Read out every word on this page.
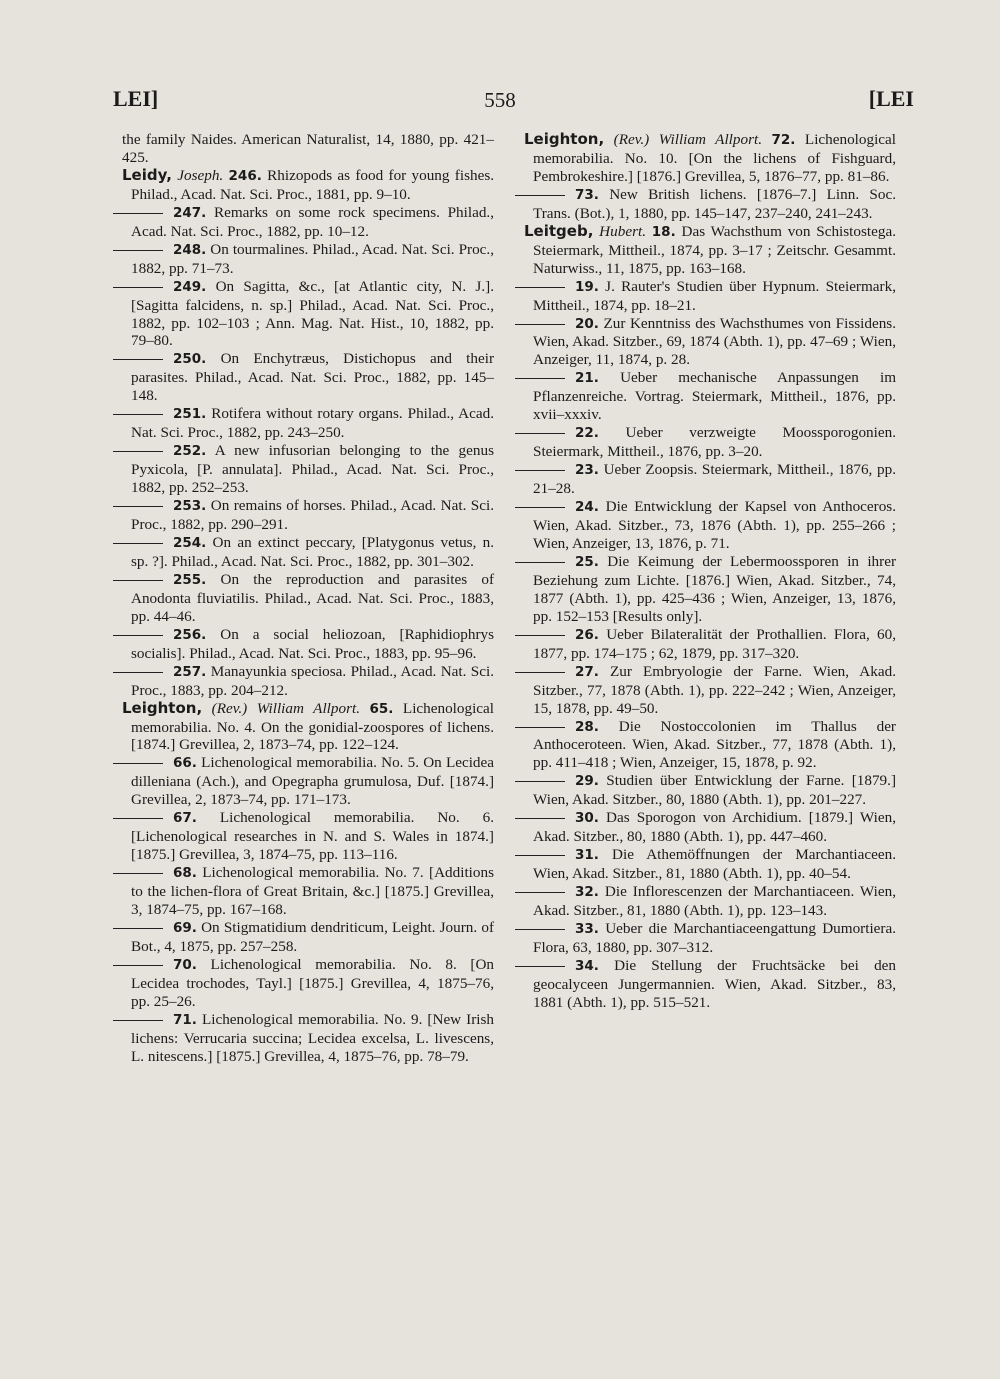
LEI]	558	[LEI

the family Naides. American Naturalist, 14, 1880, pp. 421–425.

Leidy, Joseph. 246. Rhizopods as food for young fishes. Philad., Acad. Nat. Sci. Proc., 1881, pp. 9–10.

247. Remarks on some rock specimens. Philad., Acad. Nat. Sci. Proc., 1882, pp. 10–12.

248. On tourmalines. Philad., Acad. Nat. Sci. Proc., 1882, pp. 71–73.

249. On Sagitta, &c., [at Atlantic city, N. J.]. [Sagitta falcidens, n. sp.] Philad., Acad. Nat. Sci. Proc., 1882, pp. 102–103 ; Ann. Mag. Nat. Hist., 10, 1882, pp. 79–80.

250. On Enchytræus, Distichopus and their parasites. Philad., Acad. Nat. Sci. Proc., 1882, pp. 145–148.

251. Rotifera without rotary organs. Philad., Acad. Nat. Sci. Proc., 1882, pp. 243–250.

252. A new infusorian belonging to the genus Pyxicola, [P. annulata]. Philad., Acad. Nat. Sci. Proc., 1882, pp. 252–253.

253. On remains of horses. Philad., Acad. Nat. Sci. Proc., 1882, pp. 290–291.

254. On an extinct peccary, [Platygonus vetus, n. sp. ?]. Philad., Acad. Nat. Sci. Proc., 1882, pp. 301–302.

255. On the reproduction and parasites of Anodonta fluviatilis. Philad., Acad. Nat. Sci. Proc., 1883, pp. 44–46.

256. On a social heliozoan, [Raphidiophrys socialis]. Philad., Acad. Nat. Sci. Proc., 1883, pp. 95–96.

257. Manayunkia speciosa. Philad., Acad. Nat. Sci. Proc., 1883, pp. 204–212.

Leighton, (Rev.) William Allport. 65. Lichenological memorabilia. No. 4. On the gonidial-zoospores of lichens. [1874.] Grevillea, 2, 1873–74, pp. 122–124.

66. Lichenological memorabilia. No. 5. On Lecidea dilleniana (Ach.), and Opegrapha grumulosa, Duf. [1874.] Grevillea, 2, 1873–74, pp. 171–173.

67. Lichenological memorabilia. No. 6. [Lichenological researches in N. and S. Wales in 1874.] [1875.] Grevillea, 3, 1874–75, pp. 113–116.

68. Lichenological memorabilia. No. 7. [Additions to the lichen-flora of Great Britain, &c.] [1875.] Grevillea, 3, 1874–75, pp. 167–168.

69. On Stigmatidium dendriticum, Leight. Journ. of Bot., 4, 1875, pp. 257–258.

70. Lichenological memorabilia. No. 8. [On Lecidea trochodes, Tayl.] [1875.] Grevillea, 4, 1875–76, pp. 25–26.

71. Lichenological memorabilia. No. 9. [New Irish lichens: Verrucaria succina; Lecidea excelsa, L. livescens, L. nitescens.] [1875.] Grevillea, 4, 1875–76, pp. 78–79.

Leighton, (Rev.) William Allport. 72. Lichenological memorabilia. No. 10. [On the lichens of Fishguard, Pembrokeshire.] [1876.] Grevillea, 5, 1876–77, pp. 81–86.

73. New British lichens. [1876–7.] Linn. Soc. Trans. (Bot.), 1, 1880, pp. 145–147, 237–240, 241–243.

Leitgeb, Hubert. 18. Das Wachsthum von Schistostega. Steiermark, Mittheil., 1874, pp. 3–17 ; Zeitschr. Gesammt. Naturwiss., 11, 1875, pp. 163–168.

19. J. Rauter's Studien über Hypnum. Steiermark, Mittheil., 1874, pp. 18–21.

20. Zur Kenntniss des Wachsthumes von Fissidens. Wien, Akad. Sitzber., 69, 1874 (Abth. 1), pp. 47–69 ; Wien, Anzeiger, 11, 1874, p. 28.

21. Ueber mechanische Anpassungen im Pflanzenreiche. Vortrag. Steiermark, Mittheil., 1876, pp. xvii–xxxiv.

22. Ueber verzweigte Moossporogonien. Steiermark, Mittheil., 1876, pp. 3–20.

23. Ueber Zoopsis. Steiermark, Mittheil., 1876, pp. 21–28.

24. Die Entwicklung der Kapsel von Anthoceros. Wien, Akad. Sitzber., 73, 1876 (Abth. 1), pp. 255–266 ; Wien, Anzeiger, 13, 1876, p. 71.

25. Die Keimung der Lebermoossporen in ihrer Beziehung zum Lichte. [1876.] Wien, Akad. Sitzber., 74, 1877 (Abth. 1), pp. 425–436 ; Wien, Anzeiger, 13, 1876, pp. 152–153 [Results only].

26. Ueber Bilateralität der Prothallien. Flora, 60, 1877, pp. 174–175 ; 62, 1879, pp. 317–320.

27. Zur Embryologie der Farne. Wien, Akad. Sitzber., 77, 1878 (Abth. 1), pp. 222–242 ; Wien, Anzeiger, 15, 1878, pp. 49–50.

28. Die Nostoccolonien im Thallus der Anthoceroteen. Wien, Akad. Sitzber., 77, 1878 (Abth. 1), pp. 411–418 ; Wien, Anzeiger, 15, 1878, p. 92.

29. Studien über Entwicklung der Farne. [1879.] Wien, Akad. Sitzber., 80, 1880 (Abth. 1), pp. 201–227.

30. Das Sporogon von Archidium. [1879.] Wien, Akad. Sitzber., 80, 1880 (Abth. 1), pp. 447–460.

31. Die Athemöffnungen der Marchantiaceen. Wien, Akad. Sitzber., 81, 1880 (Abth. 1), pp. 40–54.

32. Die Inflorescenzen der Marchantiaceen. Wien, Akad. Sitzber., 81, 1880 (Abth. 1), pp. 123–143.

33. Ueber die Marchantiaceengattung Dumortiera. Flora, 63, 1880, pp. 307–312.

34. Die Stellung der Fruchtsäcke bei den geocalyceen Jungermannien. Wien, Akad. Sitzber., 83, 1881 (Abth. 1), pp. 515–521.
